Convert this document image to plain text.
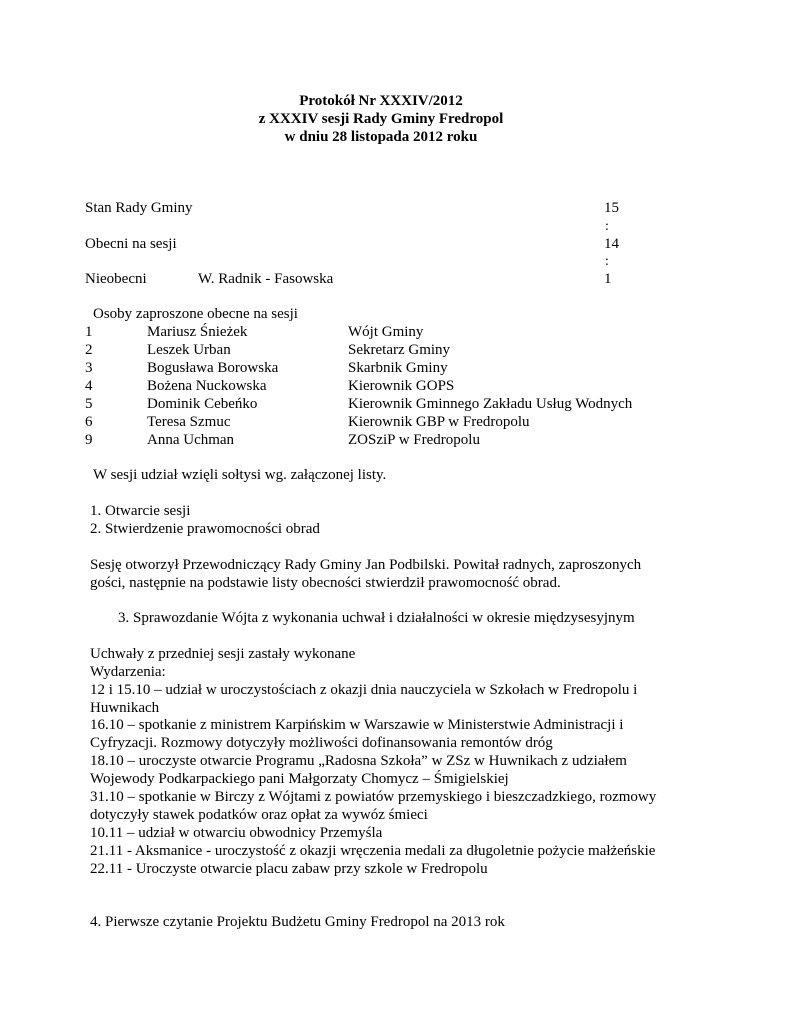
Protokół Nr XXXIV/2012
z XXXIV sesji Rady Gminy Fredropol
w dniu 28 listopada 2012 roku
Stan Rady Gminy	15
:
Obecni na sesji	14
:
Nieobecni	W. Radnik - Fasowska	1
Osoby zaproszone obecne na sesji
1	Mariusz Śnieżek	Wójt Gminy
2	Leszek Urban	Sekretarz Gminy
3	Bogusława Borowska	Skarbnik Gminy
4	Bożena Nuckowska	Kierownik GOPS
5	Dominik Cebeńko	Kierownik Gminnego Zakładu Usług Wodnych
6	Teresa Szmuc	Kierownik GBP w Fredropolu
9	Anna Uchman	ZOSziP w Fredropolu
W sesji udział wzięli sołtysi wg. załączonej listy.
1. Otwarcie sesji
2. Stwierdzenie prawomocności obrad
Sesję otworzył Przewodniczący Rady Gminy Jan Podbilski. Powitał radnych, zaproszonych
gości, następnie na podstawie listy obecności stwierdził prawomocność obrad.
3. Sprawozdanie Wójta z wykonania uchwał i działalności w okresie międzysesyjnym
Uchwały z przedniej sesji zastały wykonane
Wydarzenia:
12 i 15.10 – udział w uroczystościach z okazji dnia nauczyciela w Szkołach w Fredropolu i
Huwnikach
16.10 – spotkanie z ministrem Karpińskim w Warszawie w Ministerstwie Administracji i
Cyfryzacji. Rozmowy dotyczyły możliwości dofinansowania remontów dróg
18.10 – uroczyste otwarcie Programu „Radosna Szkoła” w ZSz w Huwnikach z udziałem
Wojewody Podkarpackiego pani Małgorzaty Chomycz – Śmigielskiej
31.10 – spotkanie w Birczy z Wójtami z powiatów przemyskiego i bieszczadzkiego, rozmowy
dotyczyły stawek podatków oraz opłat za wywóz śmieci
10.11 – udział w otwarciu obwodnicy Przemyśla
21.11 - Aksmanice - uroczystość z okazji wręczenia medali za długoletnie pożycie małżeńskie
22.11 - Uroczyste otwarcie placu zabaw przy szkole w Fredropolu
4. Pierwsze czytanie Projektu Budżetu Gminy Fredropol na 2013 rok
